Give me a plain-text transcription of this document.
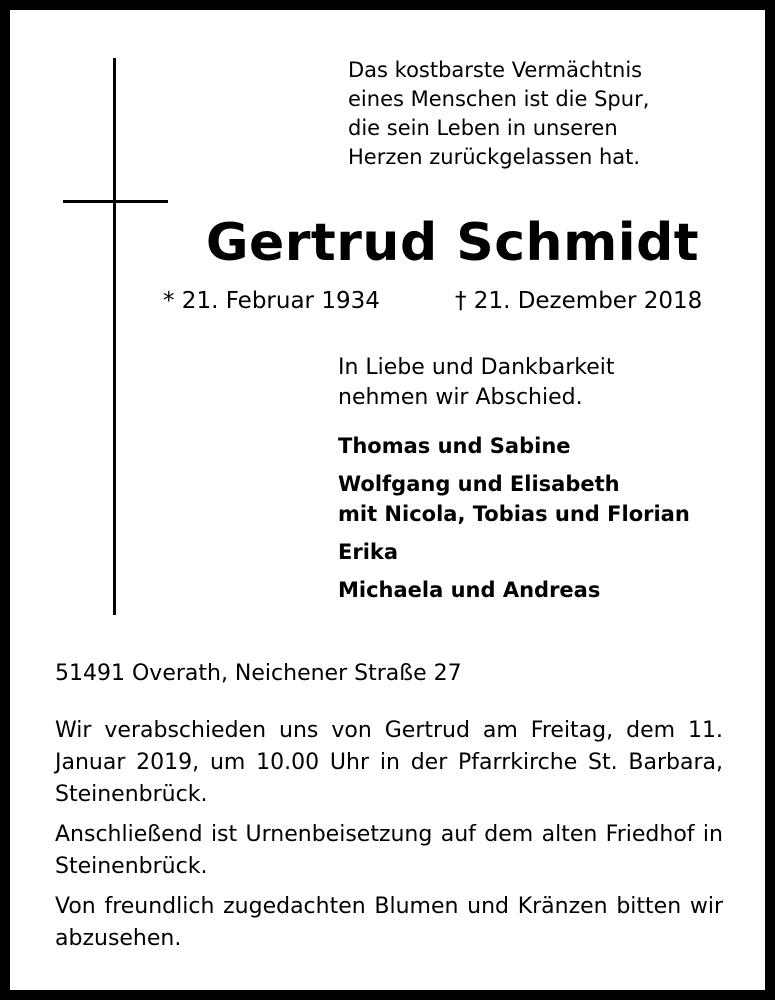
Das kostbarste Vermächtnis
eines Menschen ist die Spur,
die sein Leben in unseren
Herzen zurückgelassen hat.
Gertrud Schmidt
* 21. Februar 1934	† 21. Dezember 2018
In Liebe und Dankbarkeit
nehmen wir Abschied.
Thomas und Sabine
Wolfgang und Elisabeth
mit Nicola, Tobias und Florian
Erika
Michaela und Andreas
51491 Overath, Neichener Straße 27

Wir verabschieden uns von Gertrud am Freitag, dem 11. Januar 2019, um 10.00 Uhr in der Pfarrkirche St. Barbara, Steinenbrück.

Anschließend ist Urnenbeisetzung auf dem alten Friedhof in Steinenbrück.

Von freundlich zugedachten Blumen und Kränzen bitten wir abzusehen.
